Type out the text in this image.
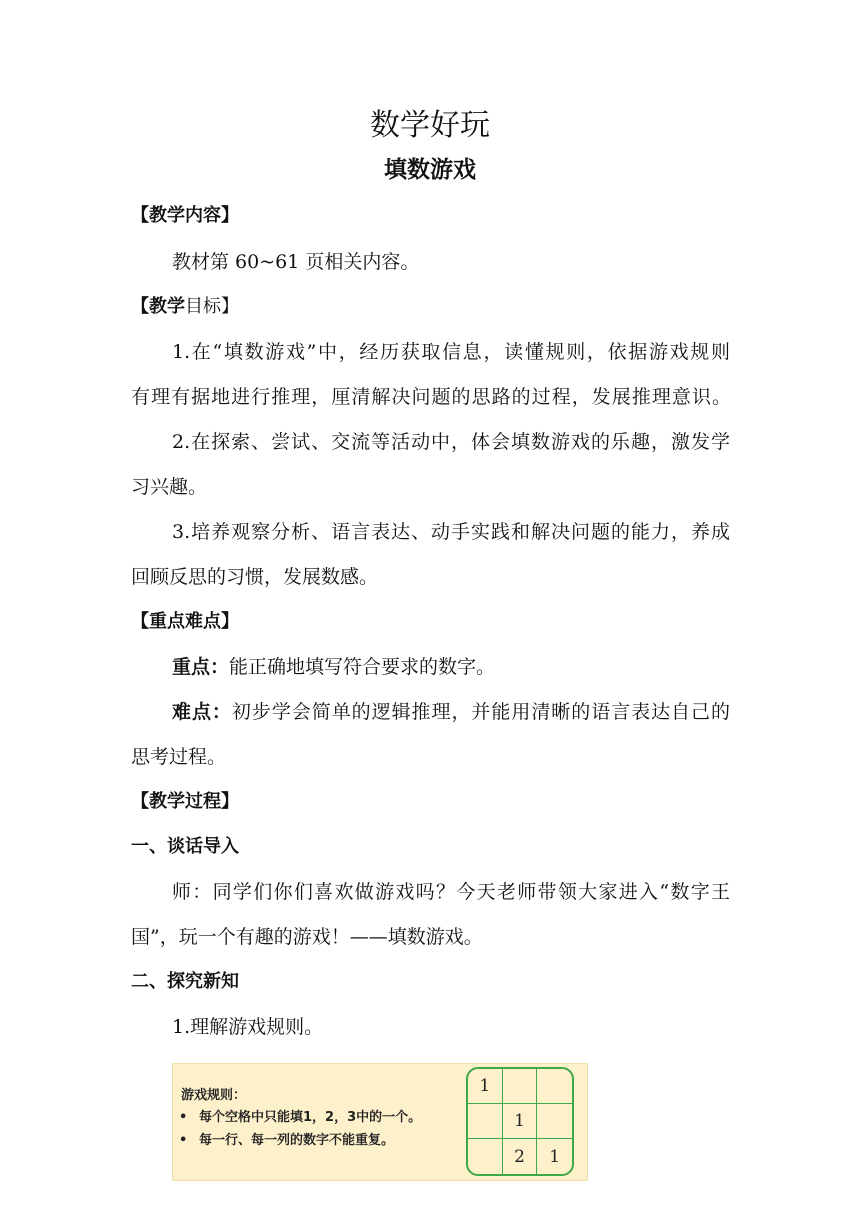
数学好玩
填数游戏
【教学内容】
教材第 60~61 页相关内容。
【教学目标】
1.在“填数游戏”中，经历获取信息，读懂规则，依据游戏规则
有理有据地进行推理，厘清解决问题的思路的过程，发展推理意识。
2.在探索、尝试、交流等活动中，体会填数游戏的乐趣，激发学
习兴趣。
3.培养观察分析、语言表达、动手实践和解决问题的能力，养成
回顾反思的习惯，发展数感。
【重点难点】
重点：能正确地填写符合要求的数字。
难点：初步学会简单的逻辑推理，并能用清晰的语言表达自己的
思考过程。
【教学过程】
一、谈话导入
师：同学们你们喜欢做游戏吗？今天老师带领大家进入“数字王
国”，玩一个有趣的游戏！——填数游戏。
二、探究新知
1.理解游戏规则。
游戏规则：
• 每个空格中只能填1，2，3中的一个。
• 每一行、每一列的数字不能重复。
1
1
2	1
